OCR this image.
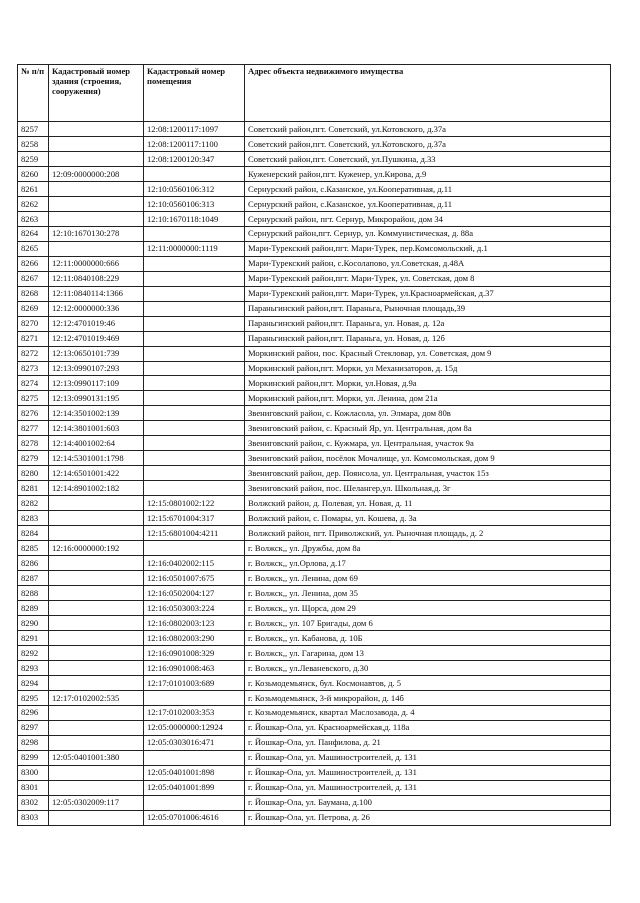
№ п/п	Кадастровый номер здания (строения, сооружения)	Кадастровый номер помещения	Адрес объекта недвижимого имущества
8257		12:08:1200117:1097	Советский район,пгт. Советский, ул.Котовского, д.37а
8258		12:08:1200117:1100	Советский район,пгт. Советский, ул.Котовского, д.37а
8259		12:08:1200120:347	Советский район,пгт. Советский, ул.Пушкина, д.33
8260	12:09:0000000:208		Куженерский район,пгт. Куженер, ул.Кирова, д.9
8261		12:10:0560106:312	Сернурский район, с.Казанское, ул.Кооперативная, д.11
8262		12:10:0560106:313	Сернурский район, с.Казанское, ул.Кооперативная, д.11
8263		12:10:1670118:1049	Сернурский район, пгт. Сернур, Микрорайон, дом 34
8264	12:10:1670130:278		Сернурский район,пгт. Сернур, ул. Коммунистическая, д. 88а
8265		12:11:0000000:1119	Мари-Турекский район,пгт. Мари-Турек, пер.Комсомольский, д.1
8266	12:11:0000000:666		Мари-Турекский район, с.Косолапово, ул.Советская, д.48А
8267	12:11:0840108:229		Мари-Турекский район,пгт. Мари-Турек, ул. Советская, дом 8
8268	12:11:0840114:1366		Мари-Турекский район,пгт. Мари-Турек, ул.Красноармейская, д.37
8269	12:12:0000000:336		Параньгинский район,пгт. Параньга, Рыночная площадь,39
8270	12:12:4701019:46		Параньгинский район,пгт. Параньга, ул. Новая, д. 12а
8271	12:12:4701019:469		Параньгинский район,пгт. Параньга, ул. Новая, д. 12б
8272	12:13:0650101:739		Моркинский район, пос. Красный Стекловар, ул. Советская, дом 9
8273	12:13:0990107:293		Моркинский район,пгт. Морки, ул Механизаторов, д. 15д
8274	12:13:0990117:109		Моркинский район,пгт. Морки, ул.Новая, д.9а
8275	12:13:0990131:195		Моркинский район,пгт. Морки, ул. Ленина, дом 21а
8276	12:14:3501002:139		Звениговский район, с. Кожласола, ул. Элмара, дом 80в
8277	12:14:3801001:603		Звениговский район, с. Красный Яр, ул. Центральная, дом 8а
8278	12:14:4001002:64		Звениговский район, с. Кужмара, ул. Центральная, участок 9а
8279	12:14:5301001:1798		Звениговский район, посёлок Мочалище, ул. Комсомольская, дом 9
8280	12:14:6501001:422		Звениговский район, дер. Поянсола, ул. Центральная, участок 15з
8281	12:14:8901002:182		Звениговский район, пос. Шелангер,ул. Школьная,д. 3г
8282		12:15:0801002:122	Волжский район, д. Полевая, ул. Новая, д. 11
8283		12:15:6701004:317	Волжский район, с. Помары, ул. Кошева, д. 3а
8284		12:15:6801004:4211	Волжский район, пгт. Приволжский, ул. Рыночная площадь, д. 2
8285	12:16:0000000:192		г. Волжск,, ул. Дружбы, дом 8а
8286		12:16:0402002:115	г. Волжск,, ул.Орлова, д.17
8287		12:16:0501007:675	г. Волжск,, ул. Ленина, дом 69
8288		12:16:0502004:127	г. Волжск,, ул. Ленина, дом 35
8289		12:16:0503003:224	г. Волжск,, ул. Щорса, дом 29
8290		12:16:0802003:123	г. Волжск,, ул. 107 Бригады, дом 6
8291		12:16:0802003:290	г. Волжск,, ул. Кабанова, д. 10Б
8292		12:16:0901008:329	г. Волжск,, ул. Гагарина, дом 13
8293		12:16:0901008:463	г. Волжск,, ул.Леваневского, д.30
8294		12:17:0101003:689	г. Козьмодемьянск, бул. Космонавтов, д. 5
8295	12:17:0102002:535		г. Козьмодемьянск, 3-й микрорайон, д. 14б
8296		12:17:0102003:353	г. Козьмодемьянск, квартал Маслозавода, д. 4
8297		12:05:0000000:12924	г. Йошкар-Ола, ул. Красноармейская,д. 118а
8298		12:05:0303016:471	г. Йошкар-Ола, ул. Панфилова, д. 21
8299	12:05:0401001:380		г. Йошкар-Ола, ул. Машиностроителей, д. 131
8300		12:05:0401001:898	г. Йошкар-Ола, ул. Машиностроителей, д. 131
8301		12:05:0401001:899	г. Йошкар-Ола, ул. Машиностроителей, д. 131
8302	12:05:0302009:117		г. Йошкар-Ола, ул. Баумана, д.100
8303		12:05:0701006:4616	г. Йошкар-Ола, ул. Петрова, д. 26
